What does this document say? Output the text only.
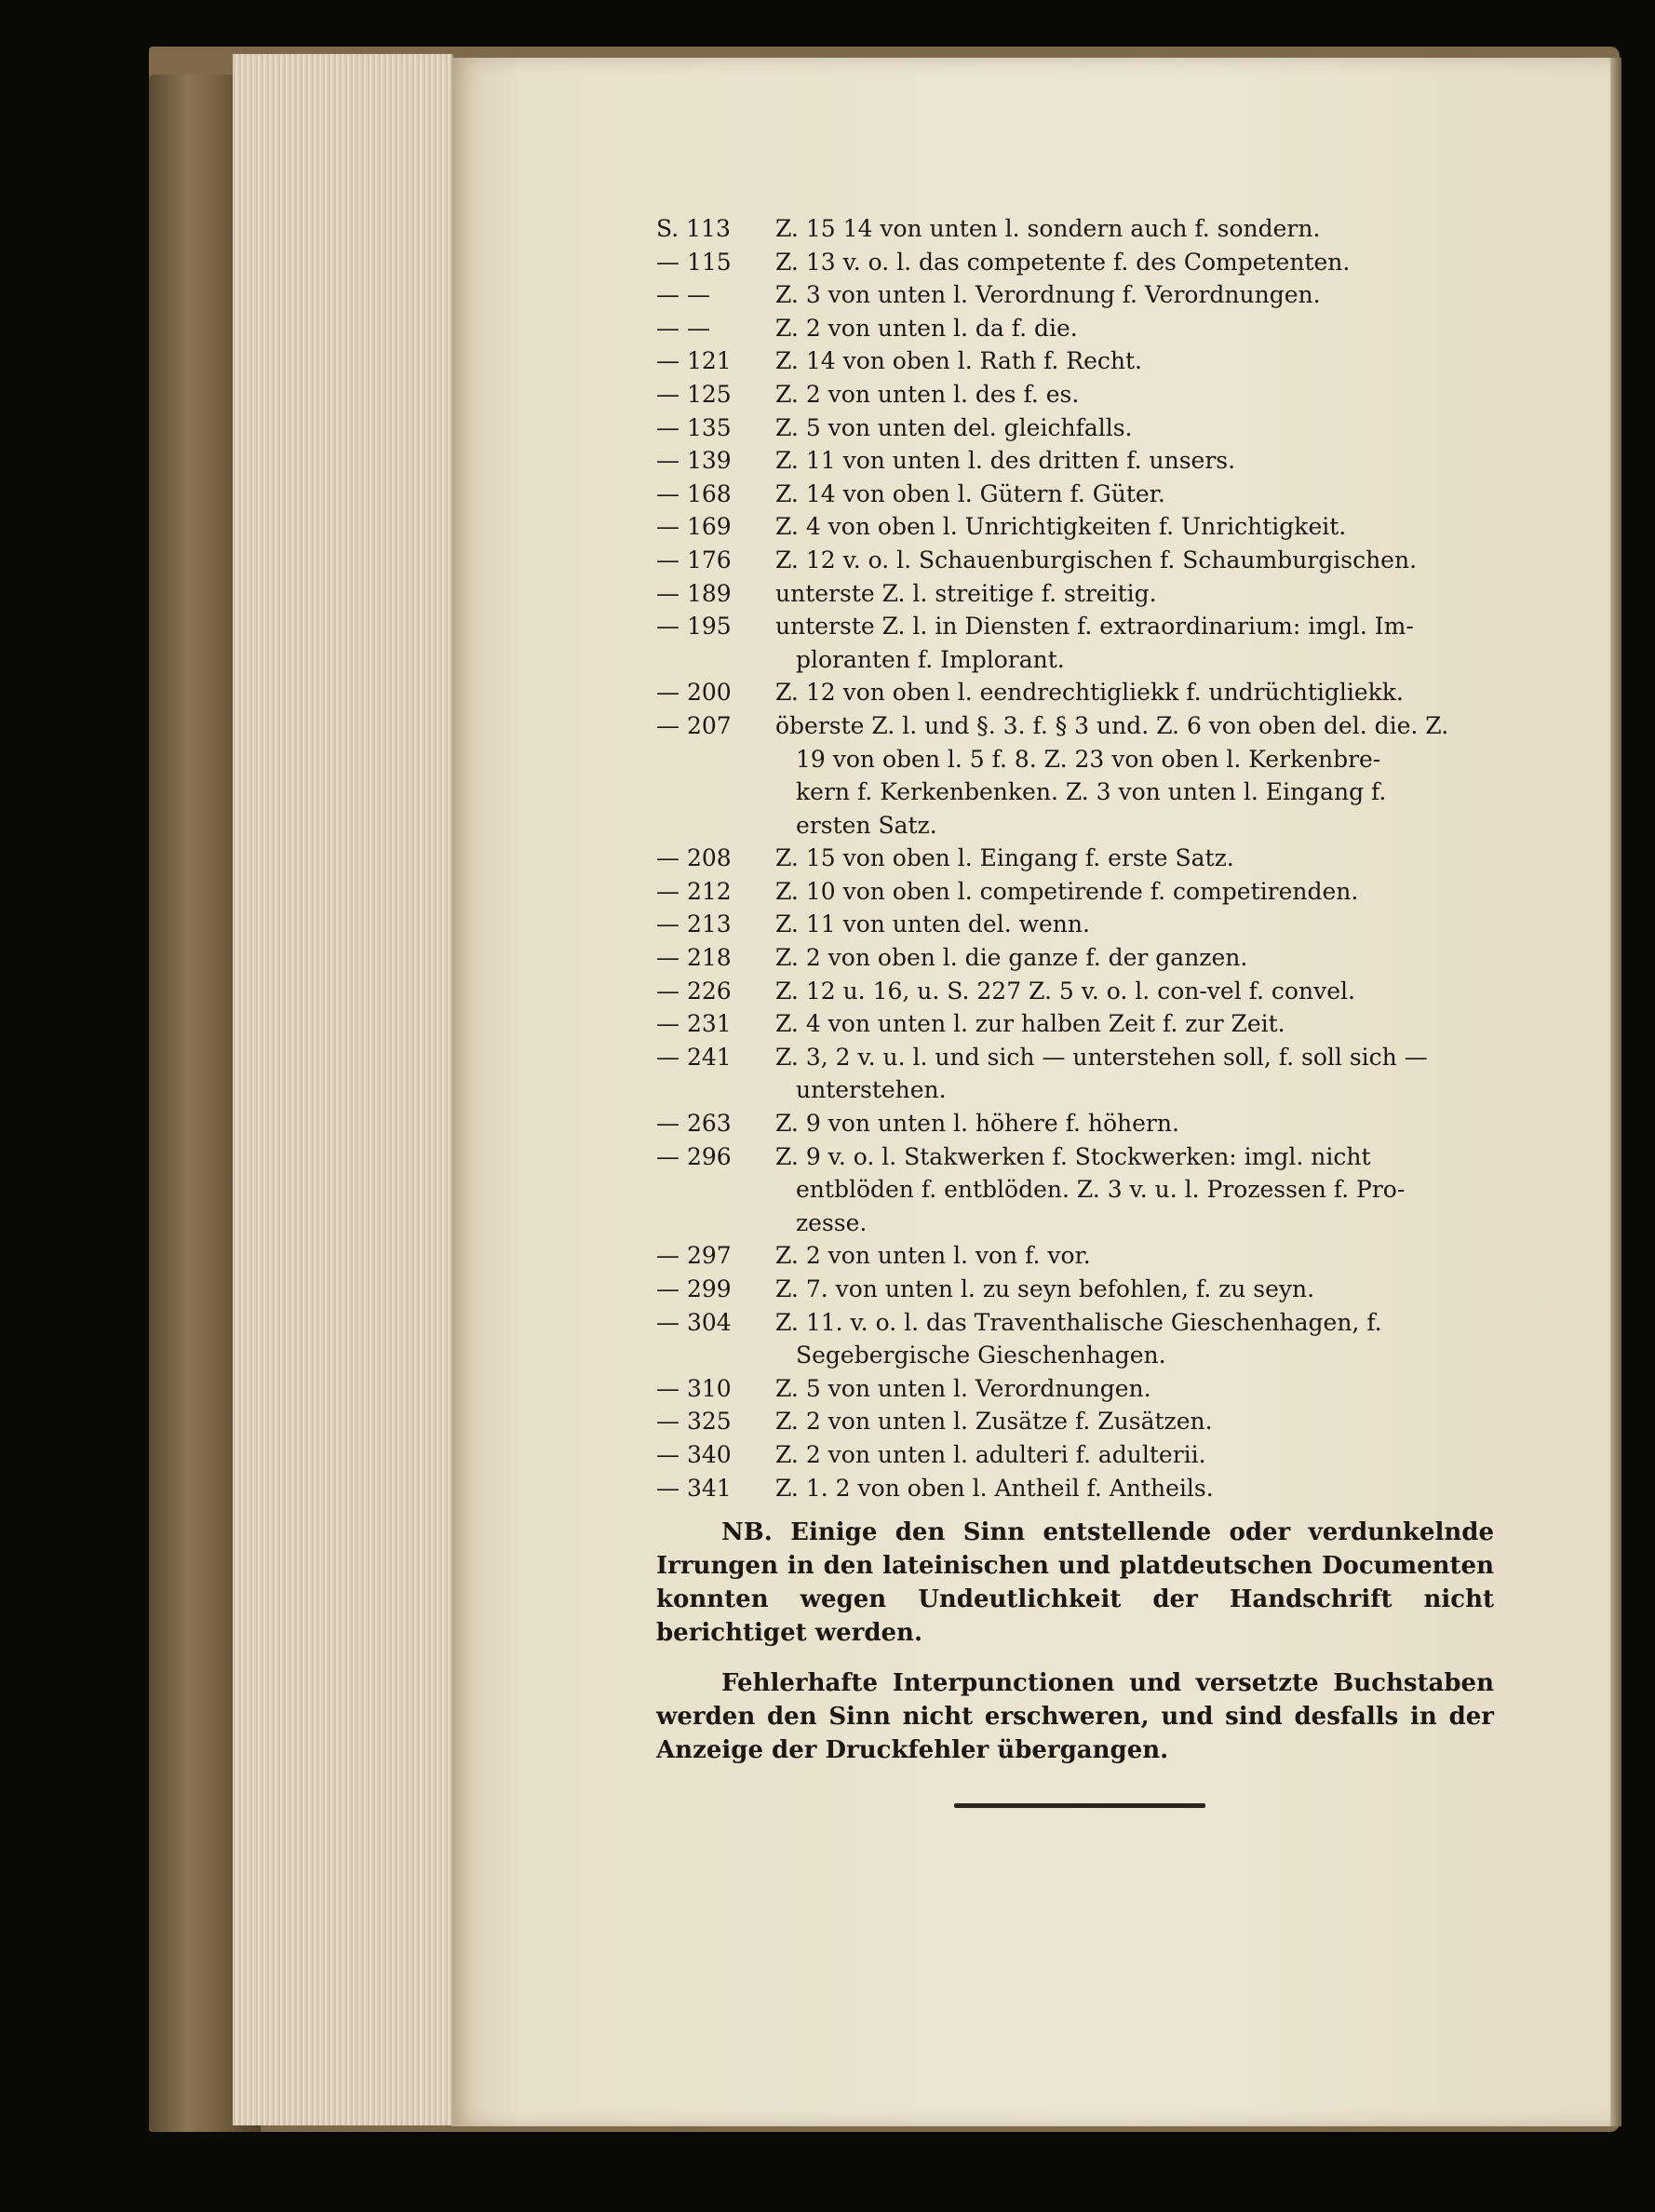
S. 113 Z. 15 14 von unten l. sondern auch f. sondern.
— 115 Z. 13 v. o. l. das competente f. des Competenten.
— —	Z. 3 von unten l. Verordnung f. Verordnungen.
— —	Z. 2 von unten l. da f. die.
— 121 Z. 14 von oben l. Rath f. Recht.
— 125 Z. 2 von unten l. des f. es.
— 135 Z. 5 von unten del. gleichfalls.
— 139 Z. 11 von unten l. des dritten f. unsers.
— 168 Z. 14 von oben l. Gütern f. Güter.
— 169 Z. 4 von oben l. Unrichtigkeiten f. Unrichtigkeit.
— 176 Z. 12 v. o. l. Schauenburgischen f. Schaumburgischen.
— 189 unterste Z. l. streitige f. streitig.
— 195 unterste Z. l. in Diensten f. extraordinarium: imgl. Im-
ploranten f. Implorant.
— 200 Z. 12 von oben l. eendrechtigliekk f. undrüchtigliekk.
— 207 öberste Z. l. und §. 3. f. § 3 und. Z. 6 von oben del. die. Z.
19 von oben l. 5 f. 8. Z. 23 von oben l. Kerkenbre-
kern f. Kerkenbenken. Z. 3 von unten l. Eingang f.
ersten Satz.
— 208 Z. 15 von oben l. Eingang f. erste Satz.
— 212 Z. 10 von oben l. competirende f. competirenden.
— 213 Z. 11 von unten del. wenn.
— 218 Z. 2 von oben l. die ganze f. der ganzen.
— 226 Z. 12 u. 16, u. S. 227 Z. 5 v. o. l. con-vel f. convel.
— 231 Z. 4 von unten l. zur halben Zeit f. zur Zeit.
— 241 Z. 3, 2 v. u. l. und sich — unterstehen soll, f. soll sich —
unterstehen.
— 263 Z. 9 von unten l. höhere f. höhern.
— 296 Z. 9 v. o. l. Stakwerken f. Stockwerken: imgl. nicht
entblöden f. entblöden. Z. 3 v. u. l. Prozessen f. Pro-
zesse.
— 297 Z. 2 von unten l. von f. vor.
— 299 Z. 7. von unten l. zu seyn befohlen, f. zu seyn.
— 304 Z. 11. v. o. l. das Traventhalische Gieschenhagen, f.
Segebergische Gieschenhagen.
— 310 Z. 5 von unten l. Verordnungen.
— 325 Z. 2 von unten l. Zusätze f. Zusätzen.
— 340 Z. 2 von unten l. adulteri f. adulterii.
— 341 Z. 1. 2 von oben l. Antheil f. Antheils.
NB. Einige den Sinn entstellende oder verdunkelnde Irrungen in den lateinischen und platdeutschen Documenten konnten wegen Undeutlichkeit der Handschrift nicht berichtiget werden.
Fehlerhafte Interpunctionen und versetzte Buchstaben werden den Sinn nicht erschweren, und sind desfalls in der Anzeige der Druckfehler übergangen.
